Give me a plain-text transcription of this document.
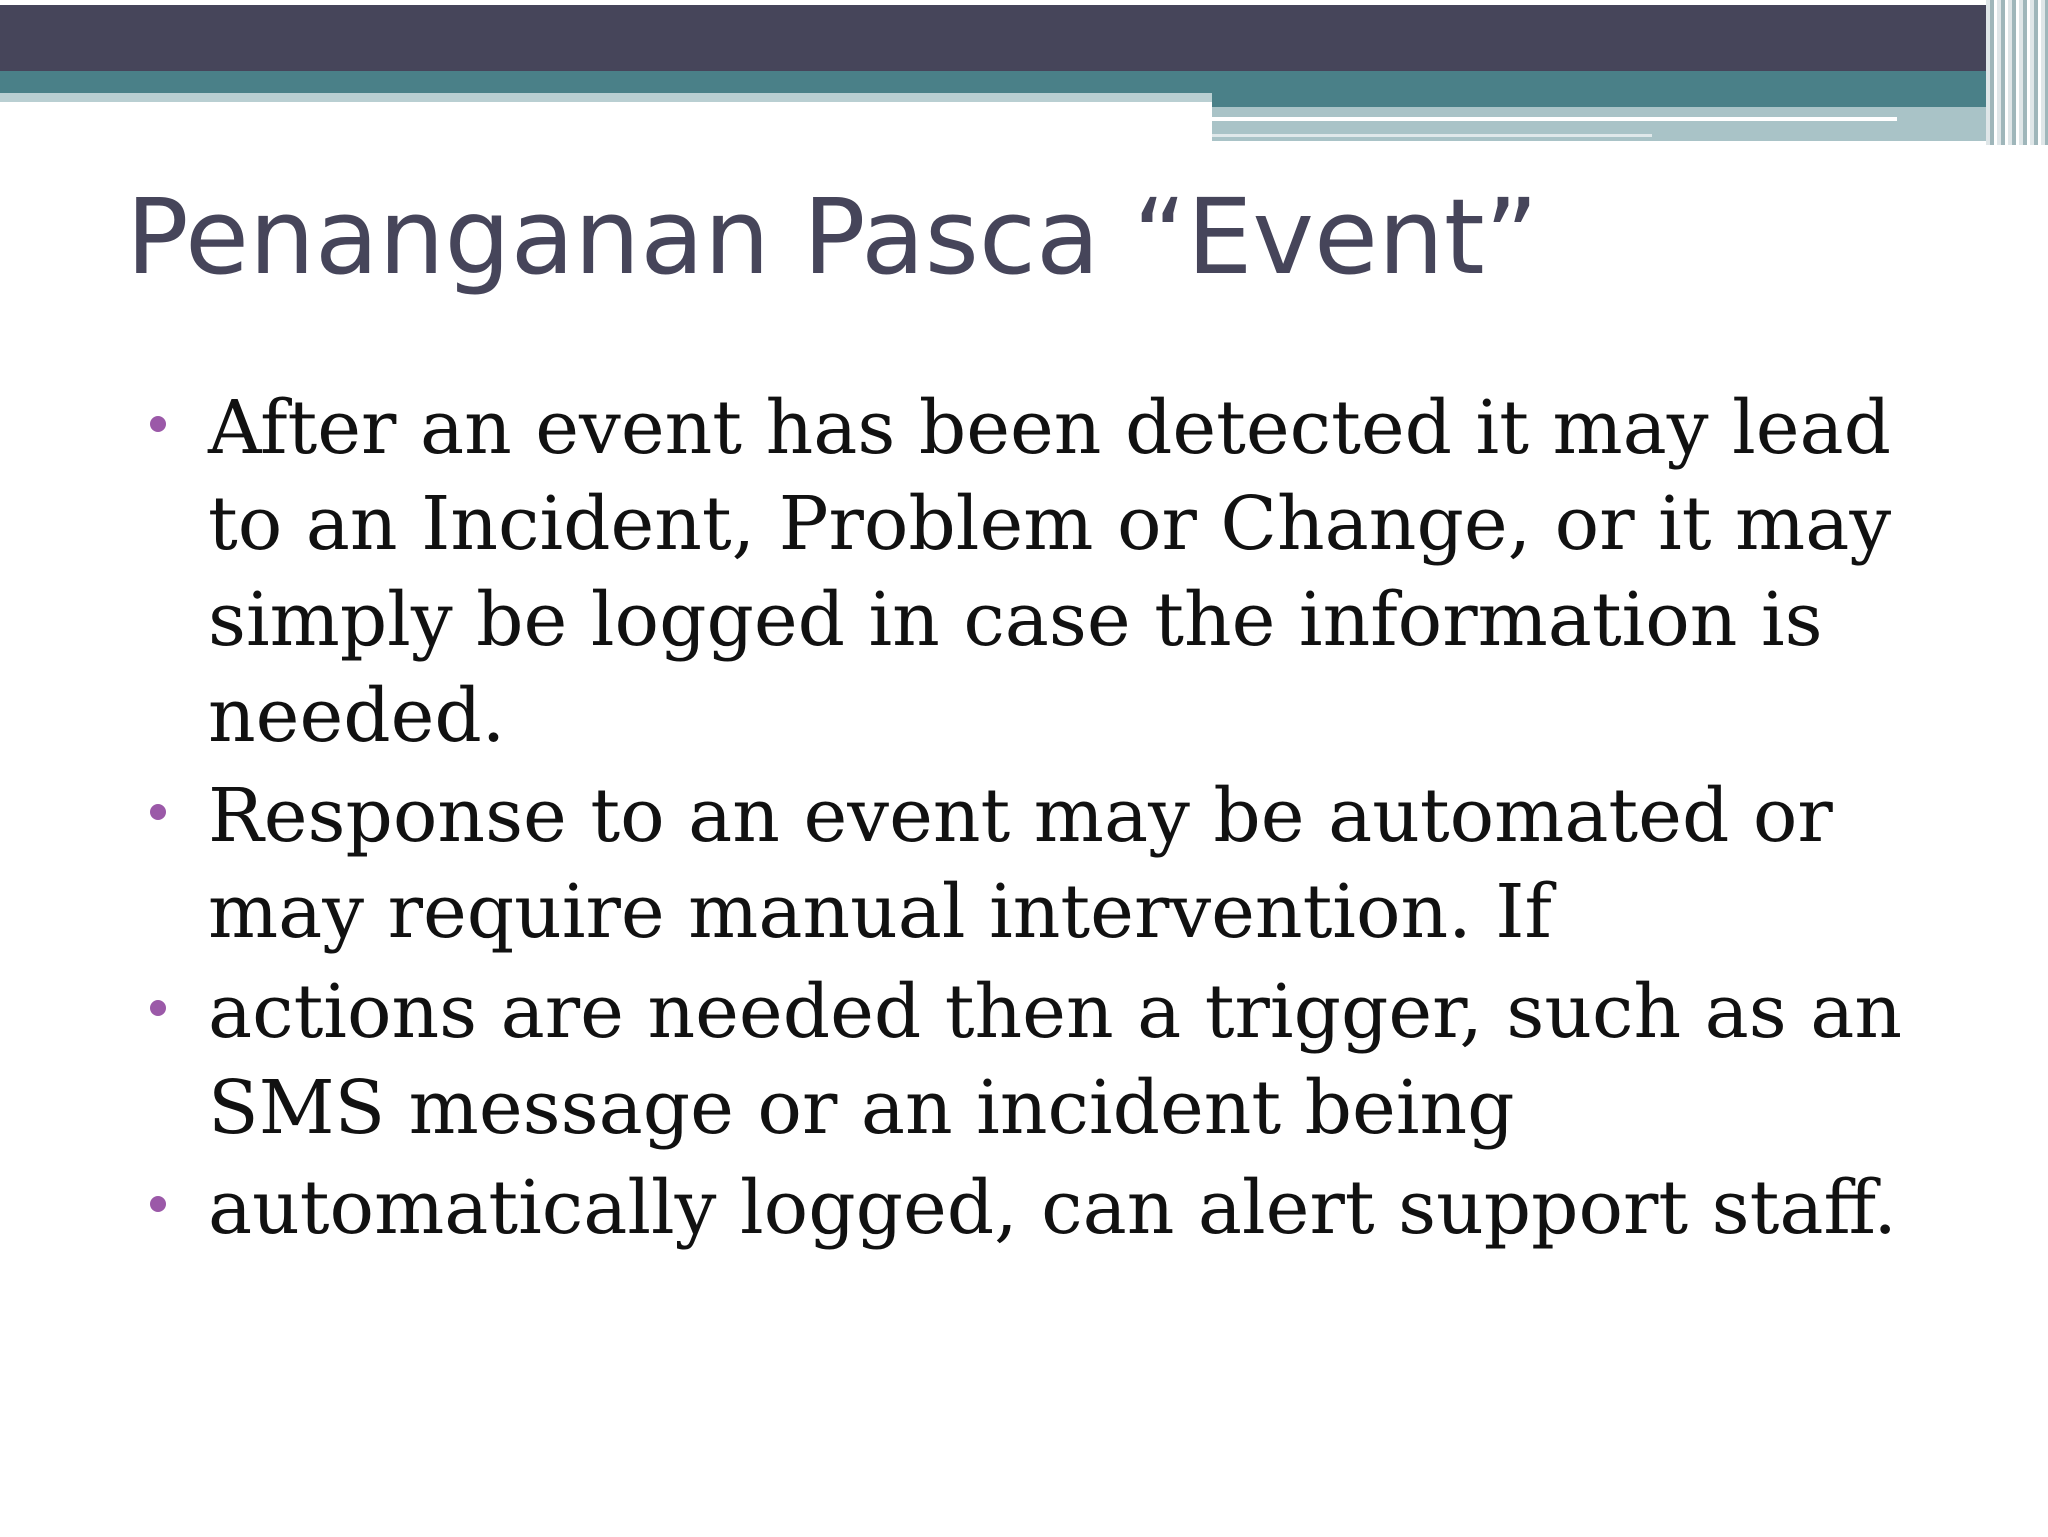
Penanganan Pasca “Event”
After an event has been detected it may lead to an Incident, Problem or Change, or it may simply be logged in case the information is needed.
Response to an event may be automated or may require manual intervention. If
actions are needed then a trigger, such as an SMS message or an incident being
automatically logged, can alert support staff.
